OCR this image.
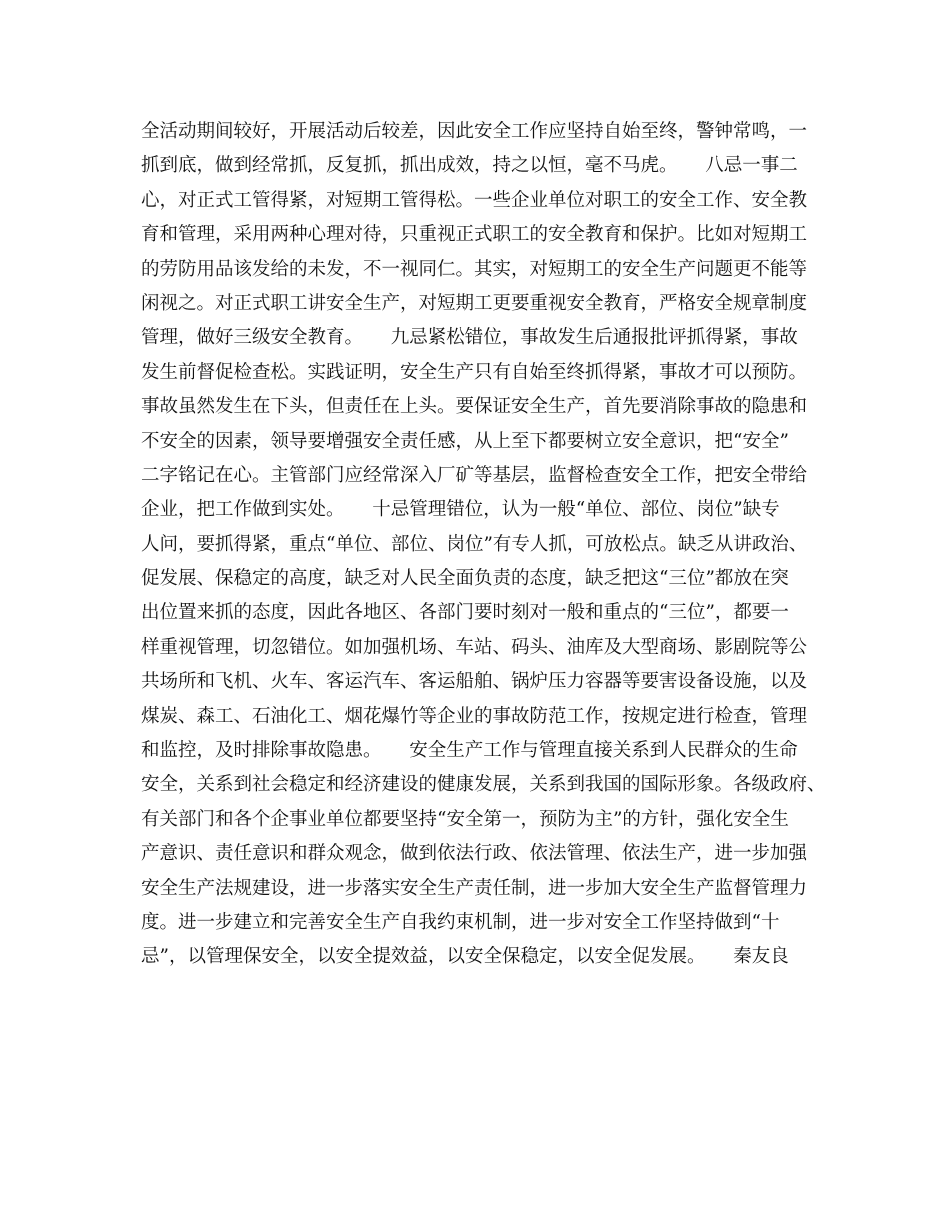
全活动期间较好，开展活动后较差，因此安全工作应坚持自始至终，警钟常鸣，一
抓到底，做到经常抓，反复抓，抓出成效，持之以恒，毫不马虎。　　八忌一事二
心，对正式工管得紧，对短期工管得松。一些企业单位对职工的安全工作、安全教
育和管理，采用两种心理对待，只重视正式职工的安全教育和保护。比如对短期工
的劳防用品该发给的未发，不一视同仁。其实，对短期工的安全生产问题更不能等
闲视之。对正式职工讲安全生产，对短期工更要重视安全教育，严格安全规章制度
管理，做好三级安全教育。　　九忌紧松错位，事故发生后通报批评抓得紧，事故
发生前督促检查松。实践证明，安全生产只有自始至终抓得紧，事故才可以预防。
事故虽然发生在下头，但责任在上头。要保证安全生产，首先要消除事故的隐患和
不安全的因素，领导要增强安全责任感，从上至下都要树立安全意识，把“安全”
二字铭记在心。主管部门应经常深入厂矿等基层，监督检查安全工作，把安全带给
企业，把工作做到实处。　　十忌管理错位，认为一般“单位、部位、岗位”缺专
人问，要抓得紧，重点“单位、部位、岗位”有专人抓，可放松点。缺乏从讲政治、
促发展、保稳定的高度，缺乏对人民全面负责的态度，缺乏把这“三位”都放在突
出位置来抓的态度，因此各地区、各部门要时刻对一般和重点的“三位”，都要一
样重视管理，切忽错位。如加强机场、车站、码头、油库及大型商场、影剧院等公
共场所和飞机、火车、客运汽车、客运船舶、锅炉压力容器等要害设备设施，以及
煤炭、森工、石油化工、烟花爆竹等企业的事故防范工作，按规定进行检查，管理
和监控，及时排除事故隐患。　　安全生产工作与管理直接关系到人民群众的生命
安全，关系到社会稳定和经济建设的健康发展，关系到我国的国际形象。各级政府、
有关部门和各个企事业单位都要坚持“安全第一，预防为主”的方针，强化安全生
产意识、责任意识和群众观念，做到依法行政、依法管理、依法生产，进一步加强
安全生产法规建设，进一步落实安全生产责任制，进一步加大安全生产监督管理力
度。进一步建立和完善安全生产自我约束机制，进一步对安全工作坚持做到“十
忌”，以管理保安全，以安全提效益，以安全保稳定，以安全促发展。　　秦友良
